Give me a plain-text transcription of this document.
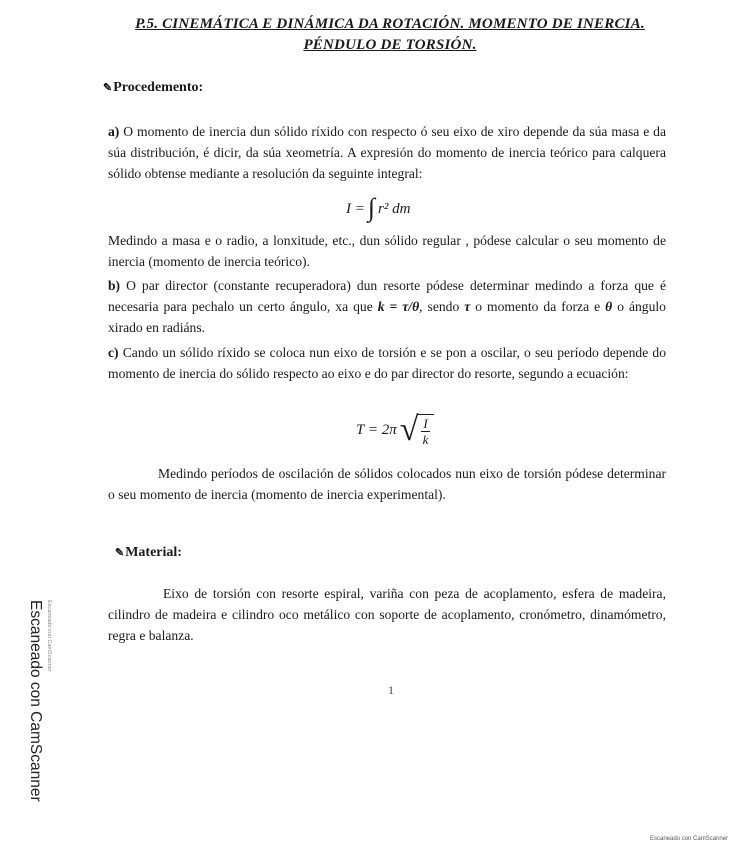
P.5. CINEMÁTICA E DINÁMICA DA ROTACIÓN. MOMENTO DE INERCIA.

PÉNDULO DE TORSIÓN.

✎Procedemento:

a) O momento de inercia dun sólido ríxido con respecto ó seu eixo de xiro depende da súa masa e da súa distribución, é dicir, da súa xeometría. A expresión do momento de inercia teórico para calquera sólido obtense mediante a resolución da seguinte integral:

I = ∫ r² dm

Medindo a masa e o radio, a lonxitude, etc., dun sólido regular , pódese calcular o seu momento de inercia (momento de inercia teórico).

b) O par director (constante recuperadora) dun resorte pódese determinar medindo a forza que é necesaria para pechalo un certo ángulo, xa que k = τ/θ, sendo τ o momento da forza e θ o ángulo xirado en radiáns.

c) Cando un sólido ríxido se coloca nun eixo de torsión e se pon a oscilar, o seu período depende do momento de inercia do sólido respecto ao eixo e do par director do resorte, segundo a ecuación:

T = 2π √ $\frac{I}{k}$

Medindo períodos de oscilación de sólidos colocados nun eixo de torsión pódese determinar o seu momento de inercia (momento de inercia experimental).

✎Material:

Eixo de torsión con resorte espiral, variña con peza de acoplamento, esfera de madeira, cilindro de madeira e cilindro oco metálico con soporte de acoplamento, cronómetro, dinamómetro, regra e balanza.

1
Escaneado con CamScanner Escaneado con CamScanner
Escaneado con CamScanner
